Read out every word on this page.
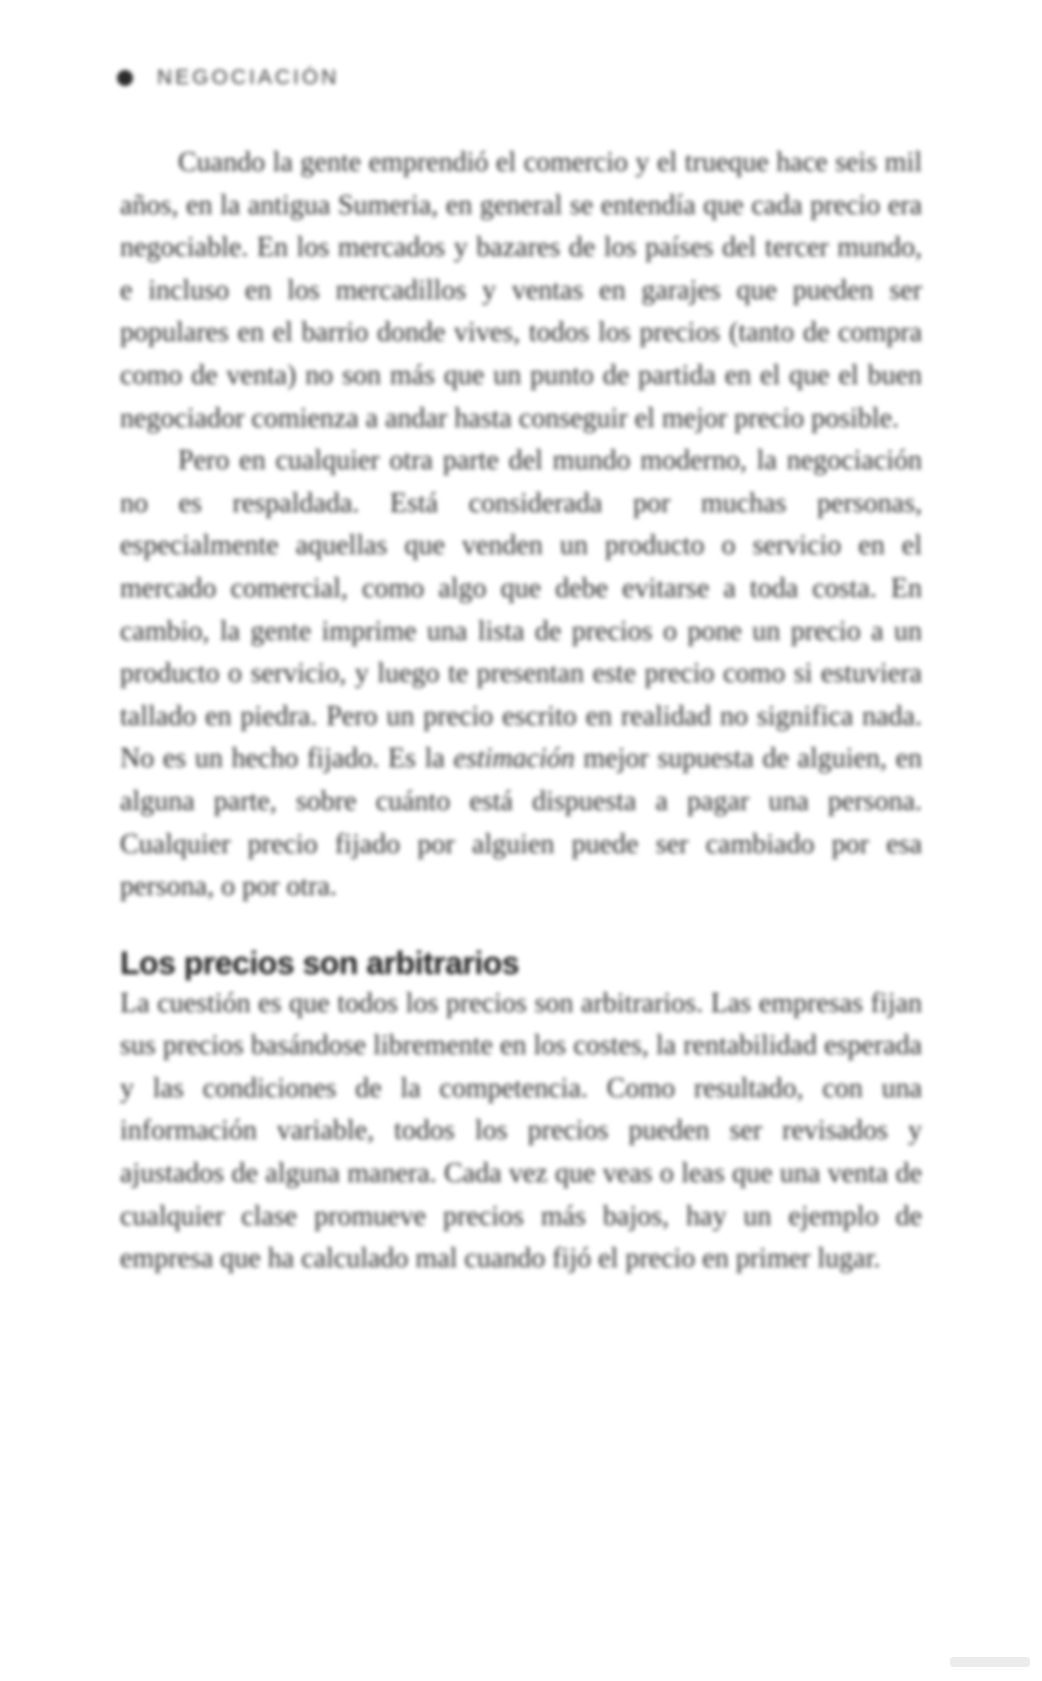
NEGOCIACIÓN

Cuando la gente emprendió el comercio y el trueque hace seis mil años, en la antigua Sumeria, en general se entendía que cada precio era negociable. En los mercados y bazares de los países del tercer mundo, e incluso en los mercadillos y ventas en garajes que pueden ser populares en el barrio donde vives, todos los precios (tanto de compra como de venta) no son más que un punto de partida en el que el buen negociador comienza a andar hasta conseguir el mejor precio posible.

Pero en cualquier otra parte del mundo moderno, la negociación no es respaldada. Está considerada por muchas personas, especialmente aquellas que venden un producto o servicio en el mercado comercial, como algo que debe evitarse a toda costa. En cambio, la gente imprime una lista de precios o pone un precio a un producto o servicio, y luego te presentan este precio como si estuviera tallado en piedra. Pero un precio escrito en realidad no significa nada. No es un hecho fijado. Es la estimación mejor supuesta de alguien, en alguna parte, sobre cuánto está dispuesta a pagar una persona. Cualquier precio fijado por alguien puede ser cambiado por esa persona, o por otra.

Los precios son arbitrarios

La cuestión es que todos los precios son arbitrarios. Las empresas fijan sus precios basándose libremente en los costes, la rentabilidad esperada y las condiciones de la competencia. Como resultado, con una información variable, todos los precios pueden ser revisados y ajustados de alguna manera. Cada vez que veas o leas que una venta de cualquier clase promueve precios más bajos, hay un ejemplo de empresa que ha calculado mal cuando fijó el precio en primer lugar.
